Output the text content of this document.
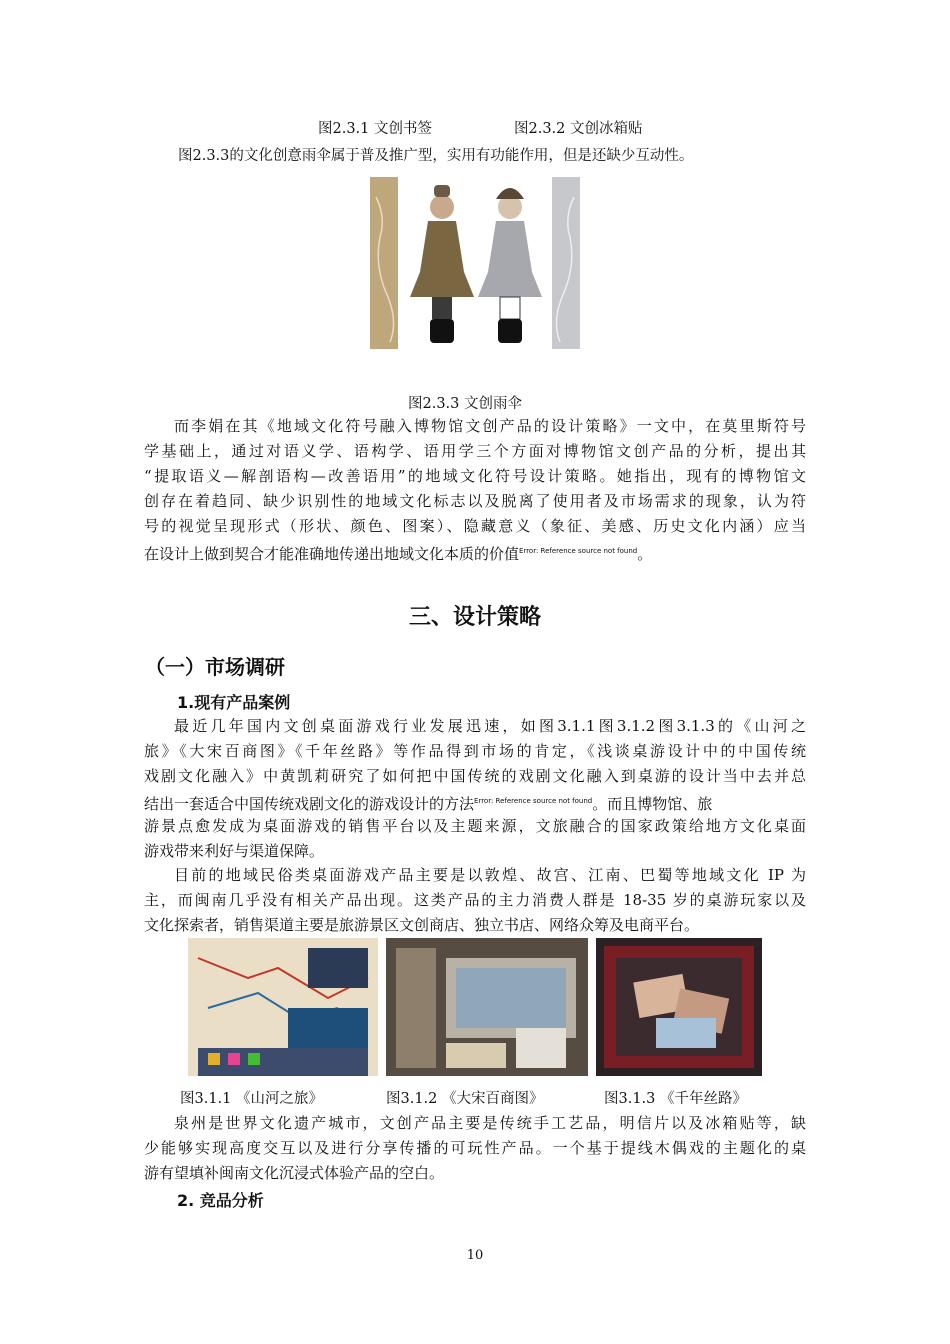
图2.3.1 文创书签	图2.3.2 文创冰箱贴
图2.3.3的文化创意雨伞属于普及推广型，实用有功能作用，但是还缺少互动性。
图2.3.3 文创雨伞
而李娟在其《地域文化符号融入博物馆文创产品的设计策略》一文中，在莫里斯符号
学基础上，通过对语义学、语构学、语用学三个方面对博物馆文创产品的分析，提出其
“提取语义—解剖语构—改善语用”的地域文化符号设计策略。她指出，现有的博物馆文
创存在着趋同、缺少识别性的地域文化标志以及脱离了使用者及市场需求的现象，认为符
号的视觉呈现形式（形状、颜色、图案）、隐藏意义（象征、美感、历史文化内涵）应当
在设计上做到契合才能准确地传递出地域文化本质的价值$^{Error: Reference source not found}$。
三、设计策略
（一）市场调研
1.现有产品案例
最近几年国内文创桌面游戏行业发展迅速，如图3.1.1图3.1.2图3.1.3的《山河之
旅》《大宋百商图》《千年丝路》等作品得到市场的肯定，《浅谈桌游设计中的中国传统
戏剧文化融入》中黄凯莉研究了如何把中国传统的戏剧文化融入到桌游的设计当中去并总
结出一套适合中国传统戏剧文化的游戏设计的方法$^{Error: Reference source not found}$。而且博物馆、旅
游景点愈发成为桌面游戏的销售平台以及主题来源，文旅融合的国家政策给地方文化桌面
游戏带来利好与渠道保障。
目前的地域民俗类桌面游戏产品主要是以敦煌、故宫、江南、巴蜀等地域文化 IP 为
主，而闽南几乎没有相关产品出现。这类产品的主力消费人群是 18-35 岁的桌游玩家以及
文化探索者，销售渠道主要是旅游景区文创商店、独立书店、网络众筹及电商平台。
图3.1.1 《山河之旅》	图3.1.2 《大宋百商图》	图3.1.3 《千年丝路》
泉州是世界文化遗产城市，文创产品主要是传统手工艺品，明信片以及冰箱贴等，缺
少能够实现高度交互以及进行分享传播的可玩性产品。一个基于提线木偶戏的主题化的桌
游有望填补闽南文化沉浸式体验产品的空白。
2. 竞品分析
10
